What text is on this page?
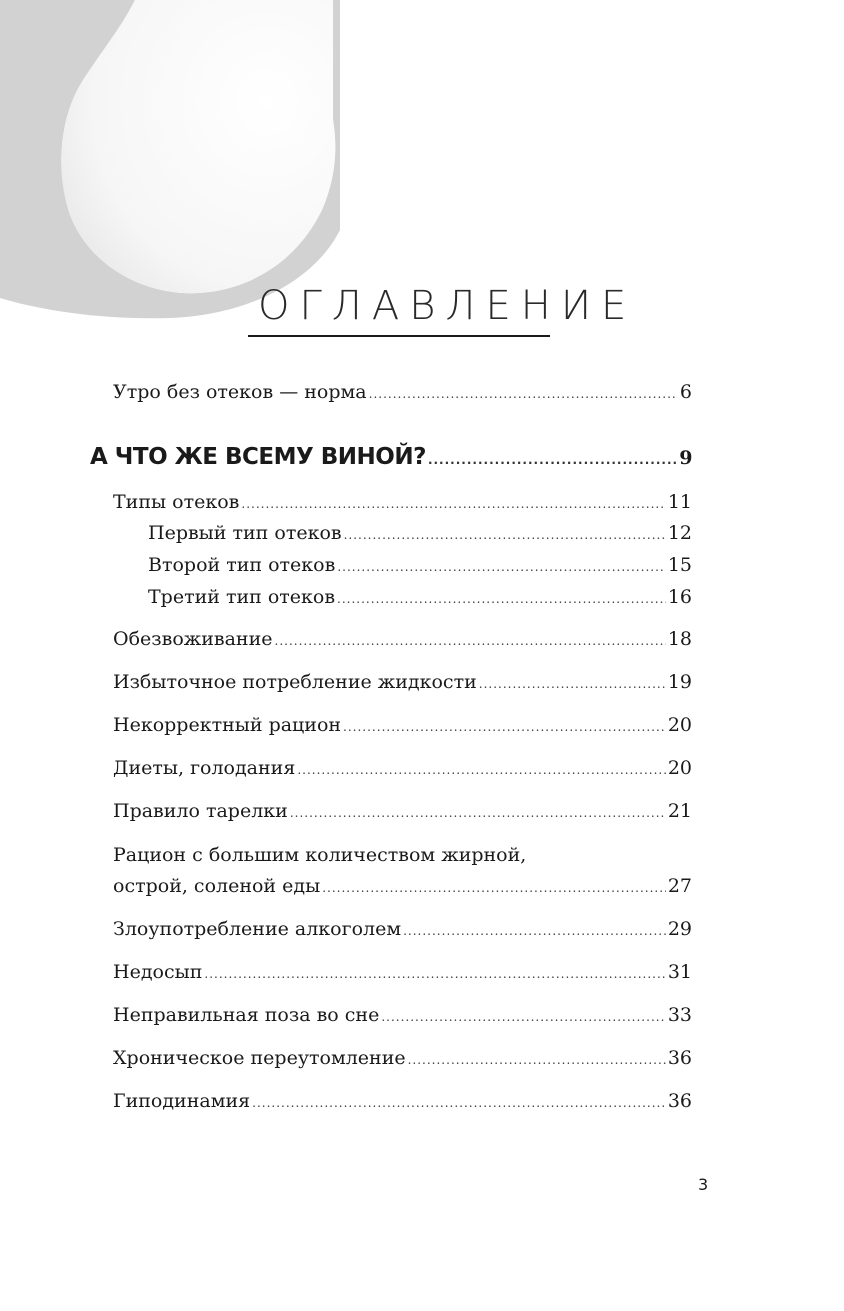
ОГЛАВЛЕНИЕ
Утро без отеков — норма .....	6
А ЧТО ЖЕ ВСЕМУ ВИНОЙ? .....	9
Типы отеков .....	11
Первый тип отеков .....	12
Второй тип отеков .....	15
Третий тип отеков .....	16
Обезвоживание .....	18
Избыточное потребление жидкости .....	19
Некорректный рацион .....	20
Диеты, голодания .....	20
Правило тарелки .....	21
Рацион с большим количеством жирной,
острой, соленой еды .....	27
Злоупотребление алкоголем .....	29
Недосып .....	31
Неправильная поза во сне .....	33
Хроническое переутомление .....	36
Гиподинамия .....	36
3
